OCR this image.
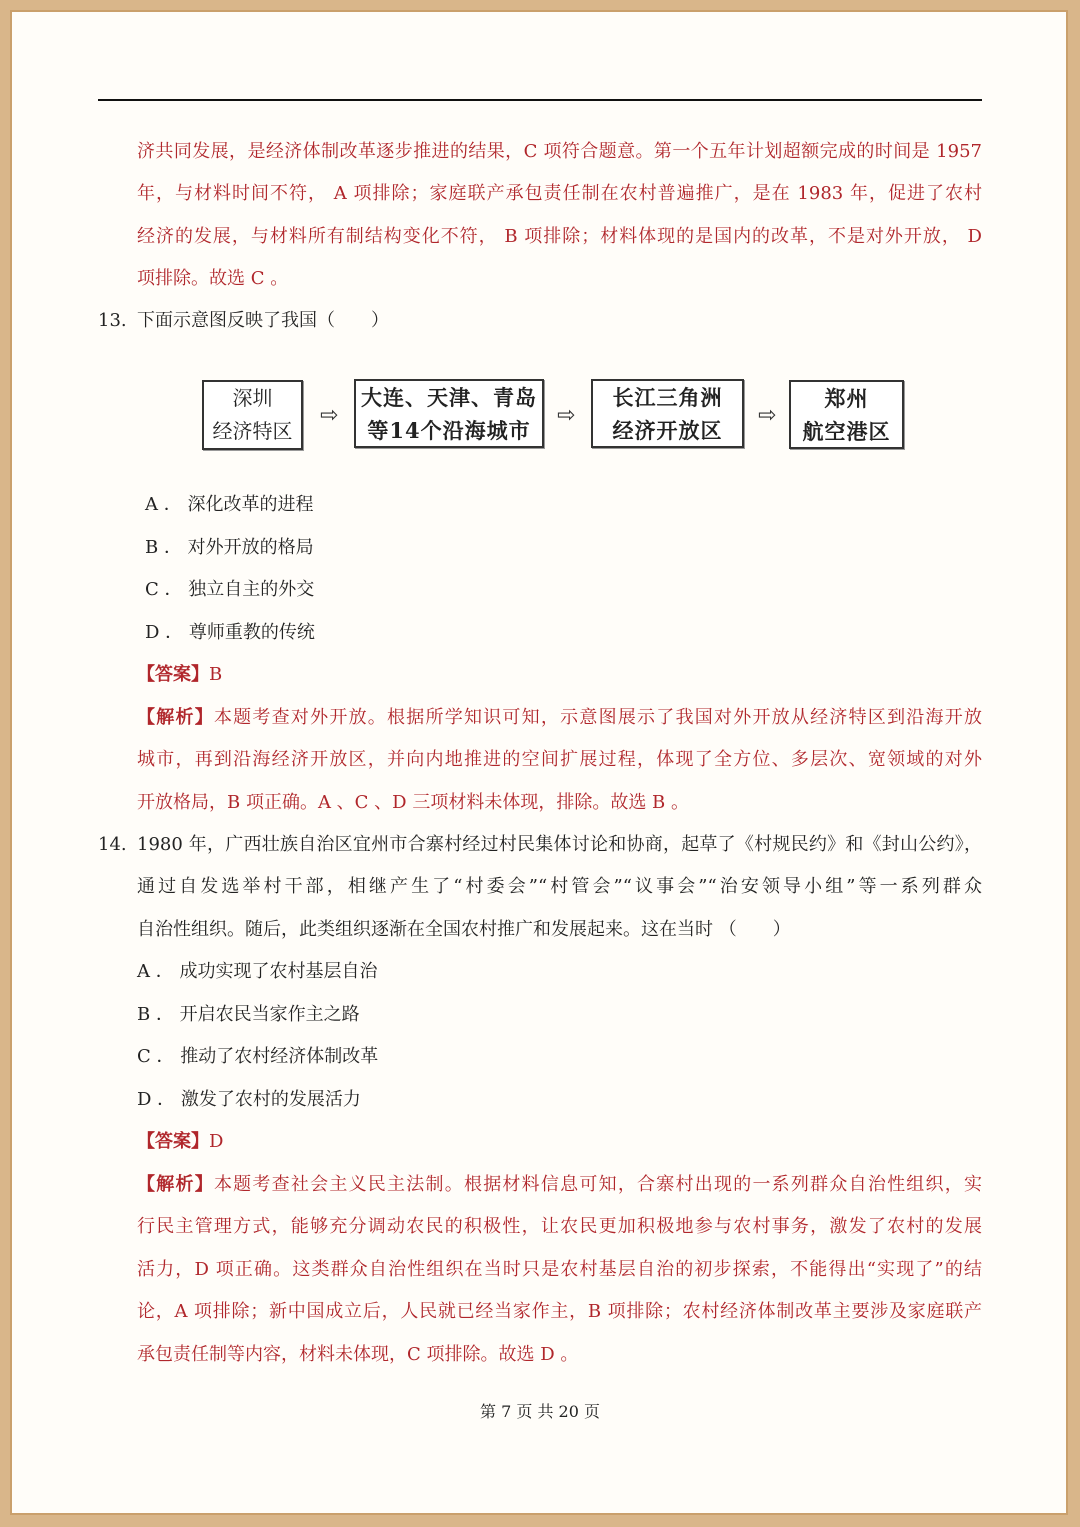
济共同发展，是经济体制改革逐步推进的结果，C 项符合题意。第一个五年计划超额完成的时间是 1957
年，与材料时间不符， A 项排除；家庭联产承包责任制在农村普遍推广，是在 1983 年，促进了农村
经济的发展，与材料所有制结构变化不符， B 项排除；材料体现的是国内的改革，不是对外开放， D
项排除。故选 C 。
13. 下面示意图反映了我国（　　）
深圳
经济特区
⇨
大连、天津、青岛
等14个沿海城市
⇨
长江三角洲
经济开放区
⇨
郑州
航空港区
A ． 深化改革的进程
B ． 对外开放的格局
C ． 独立自主的外交
D ． 尊师重教的传统
【答案】B
【解析】本题考查对外开放。根据所学知识可知，示意图展示了我国对外开放从经济特区到沿海开放
城市，再到沿海经济开放区，并向内地推进的空间扩展过程，体现了全方位、多层次、宽领域的对外
开放格局，B 项正确。A 、C 、D 三项材料未体现，排除。故选 B 。
14. 1980 年，广西壮族自治区宜州市合寨村经过村民集体讨论和协商，起草了《村规民约》和《封山公约》，
通过自发选举村干部，相继产生了“村委会”“村管会”“议事会”“治安领导小组”等一系列群众
自治性组织。随后，此类组织逐渐在全国农村推广和发展起来。这在当时 （　　）
A ． 成功实现了农村基层自治
B ． 开启农民当家作主之路
C ． 推动了农村经济体制改革
D ． 激发了农村的发展活力
【答案】D
【解析】本题考查社会主义民主法制。根据材料信息可知，合寨村出现的一系列群众自治性组织，实
行民主管理方式，能够充分调动农民的积极性，让农民更加积极地参与农村事务，激发了农村的发展
活力，D 项正确。这类群众自治性组织在当时只是农村基层自治的初步探索，不能得出“实现了”的结
论，A 项排除；新中国成立后，人民就已经当家作主，B 项排除；农村经济体制改革主要涉及家庭联产
承包责任制等内容，材料未体现，C 项排除。故选 D 。
第 7 页 共 20 页
